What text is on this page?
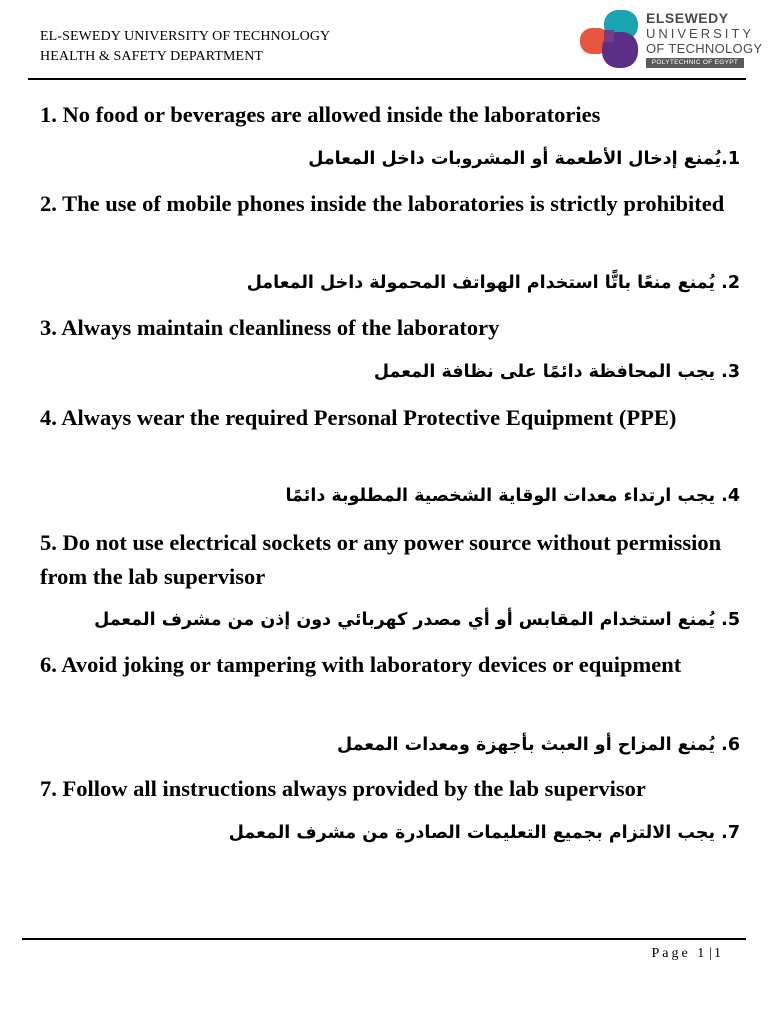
EL-SEWEDY UNIVERSITY OF TECHNOLOGY
HEALTH & SAFETY DEPARTMENT
ELSEWEDY
UNIVERSITY
OF TECHNOLOGY
POLYTECHNIC OF EGYPT
1. No food or beverages are allowed inside the laboratories
1.يُمنع إدخال الأطعمة أو المشروبات داخل المعامل
2. The use of mobile phones inside the laboratories is strictly prohibited
2. يُمنع منعًا باتًّا استخدام الهواتف المحمولة داخل المعامل
3. Always maintain cleanliness of the laboratory
3. يجب المحافظة دائمًا على نظافة المعمل
4. Always wear the required Personal Protective Equipment (PPE)
4. يجب ارتداء معدات الوقاية الشخصية المطلوبة دائمًا
5. Do not use electrical sockets or any power source without permission from the lab supervisor
5. يُمنع استخدام المقابس أو أي مصدر كهربائي دون إذن من مشرف المعمل
6. Avoid joking or tampering with laboratory devices or equipment
6. يُمنع المزاح أو العبث بأجهزة ومعدات المعمل
7. Follow all instructions always provided by the lab supervisor
7. يجب الالتزام بجميع التعليمات الصادرة من مشرف المعمل
Page 1 | 1
